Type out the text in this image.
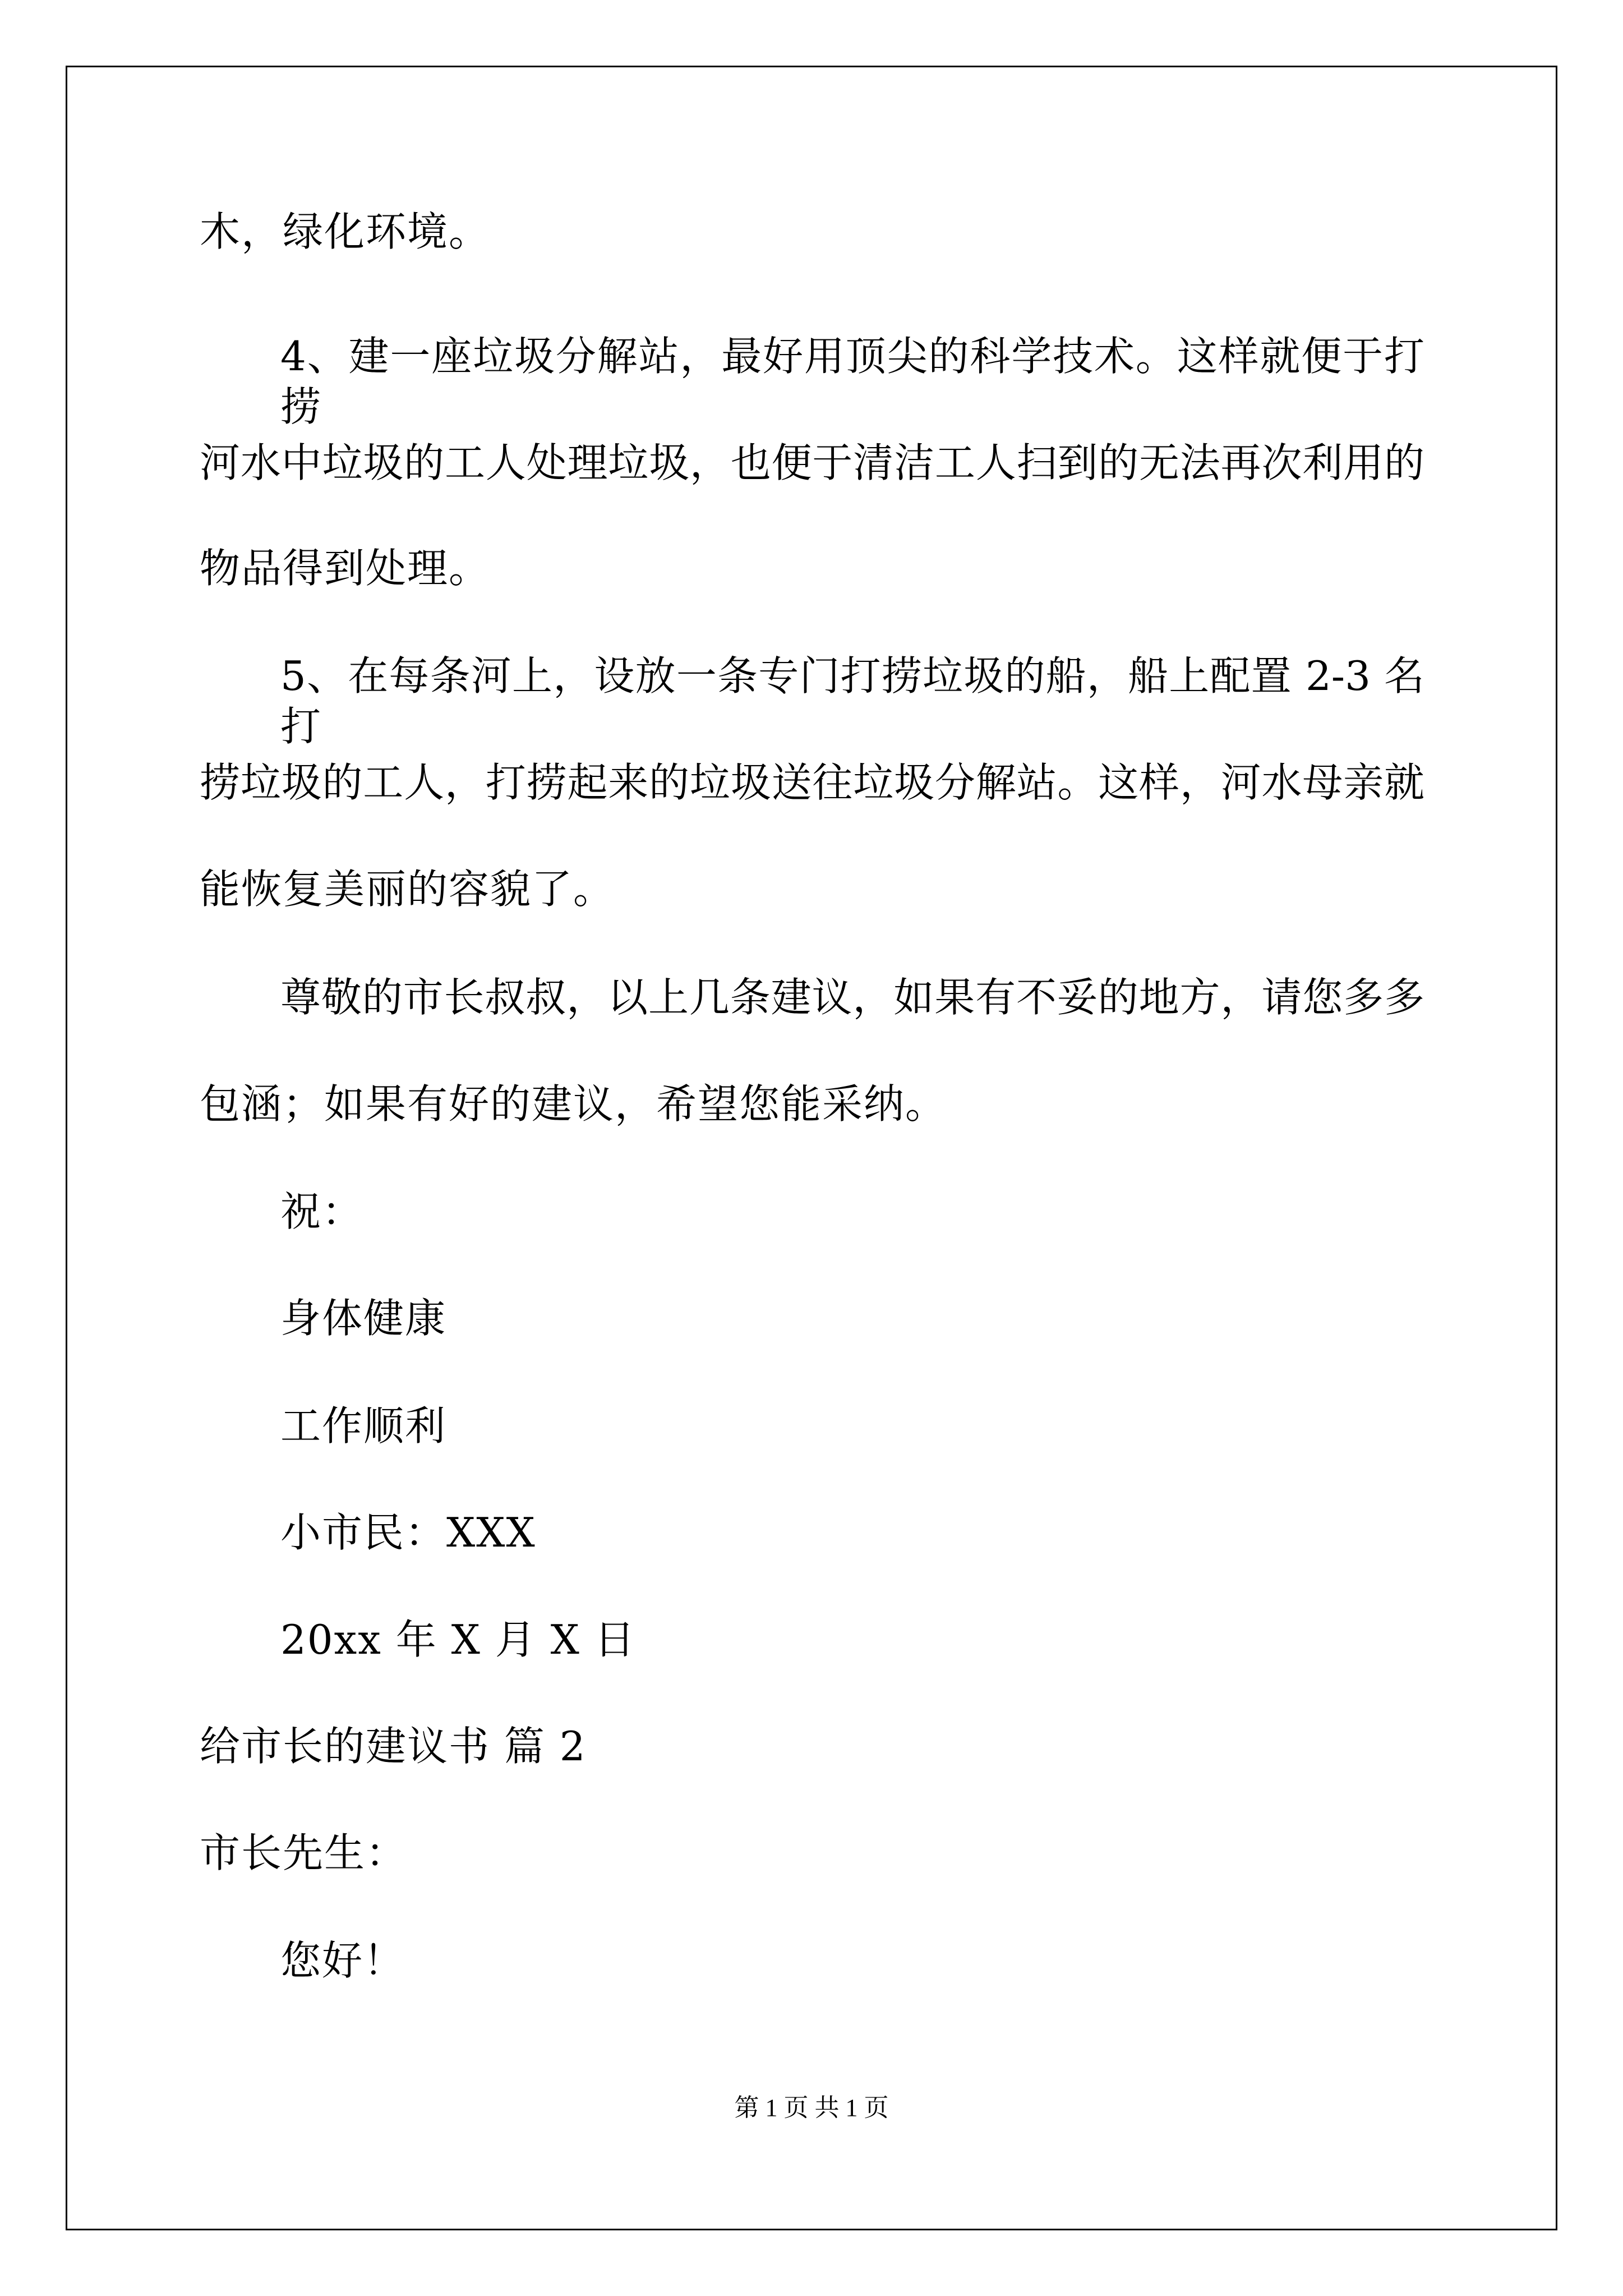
木，绿化环境。
4、建一座垃圾分解站，最好用顶尖的科学技术。这样就便于打捞
河水中垃圾的工人处理垃圾，也便于清洁工人扫到的无法再次利用的
物品得到处理。
5、在每条河上，设放一条专门打捞垃圾的船，船上配置 2-3 名打
捞垃圾的工人，打捞起来的垃圾送往垃圾分解站。这样，河水母亲就
能恢复美丽的容貌了。
尊敬的市长叔叔，以上几条建议，如果有不妥的地方，请您多多
包涵；如果有好的建议，希望您能采纳。
祝：
身体健康
工作顺利
小市民：XXX
20xx 年 X 月 X 日
给市长的建议书 篇 2
市长先生：
您好！
第 1 页 共 1 页
